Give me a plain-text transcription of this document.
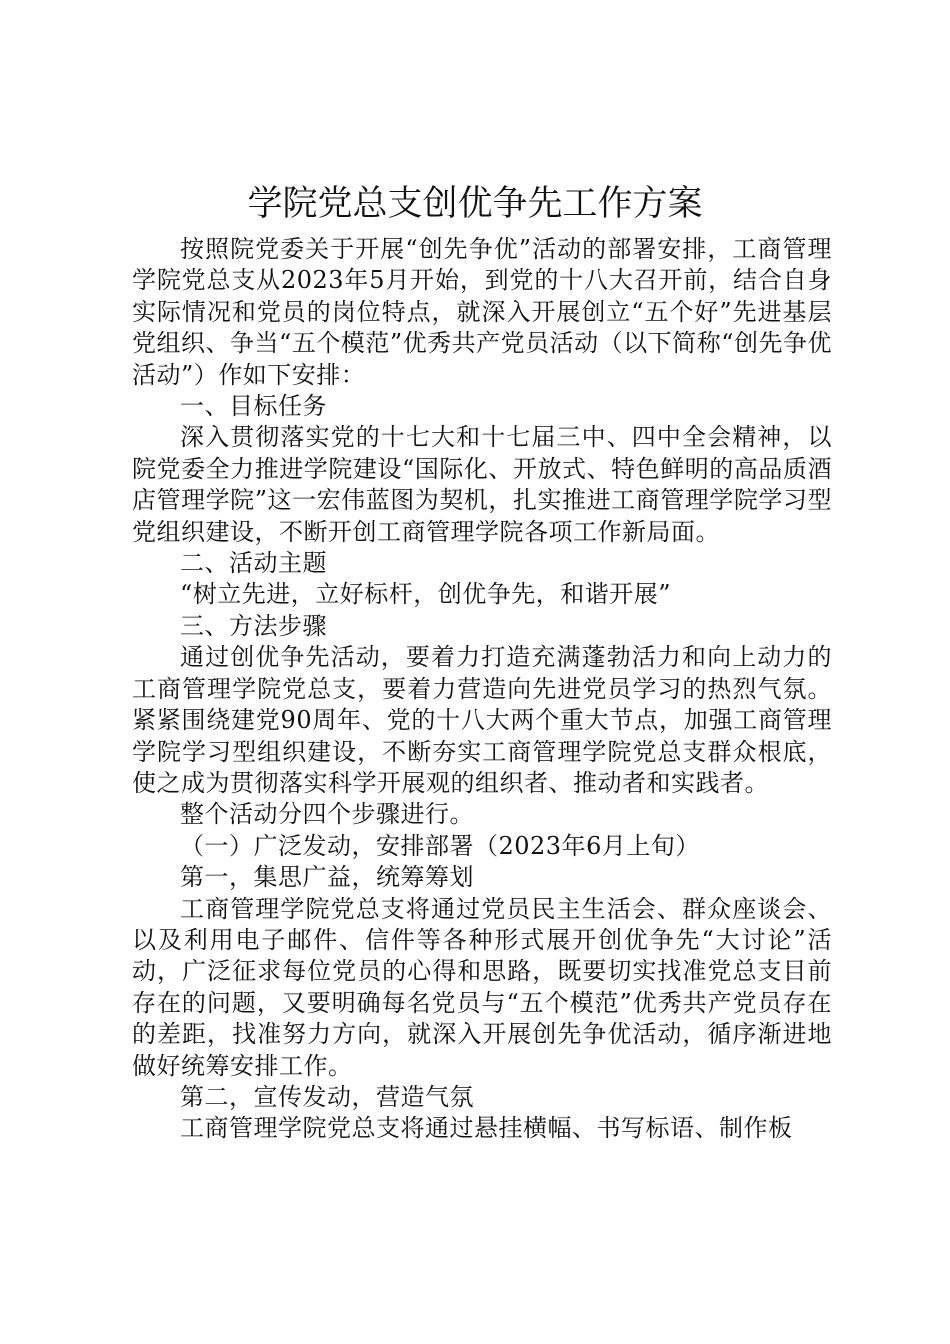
学院党总支创优争先工作方案

按照院党委关于开展“创先争优”活动的部署安排，工商管理学院党总支从2023年5月开始，到党的十八大召开前，结合自身实际情况和党员的岗位特点，就深入开展创立“五个好”先进基层党组织、争当“五个模范”优秀共产党员活动（以下简称“创先争优活动”）作如下安排：

一、目标任务

深入贯彻落实党的十七大和十七届三中、四中全会精神，以院党委全力推进学院建设“国际化、开放式、特色鲜明的高品质酒店管理学院”这一宏伟蓝图为契机，扎实推进工商管理学院学习型党组织建设，不断开创工商管理学院各项工作新局面。

二、活动主题

“树立先进，立好标杆，创优争先，和谐开展”

三、方法步骤

通过创优争先活动，要着力打造充满蓬勃活力和向上动力的工商管理学院党总支，要着力营造向先进党员学习的热烈气氛。紧紧围绕建党90周年、党的十八大两个重大节点，加强工商管理学院学习型组织建设，不断夯实工商管理学院党总支群众根底，使之成为贯彻落实科学开展观的组织者、推动者和实践者。

整个活动分四个步骤进行。

（一）广泛发动，安排部署（2023年6月上旬）

第一，集思广益，统筹筹划

工商管理学院党总支将通过党员民主生活会、群众座谈会、以及利用电子邮件、信件等各种形式展开创优争先“大讨论”活动，广泛征求每位党员的心得和思路，既要切实找准党总支目前存在的问题，又要明确每名党员与“五个模范”优秀共产党员存在的差距，找准努力方向，就深入开展创先争优活动，循序渐进地做好统筹安排工作。

第二，宣传发动，营造气氛

工商管理学院党总支将通过悬挂横幅、书写标语、制作板
